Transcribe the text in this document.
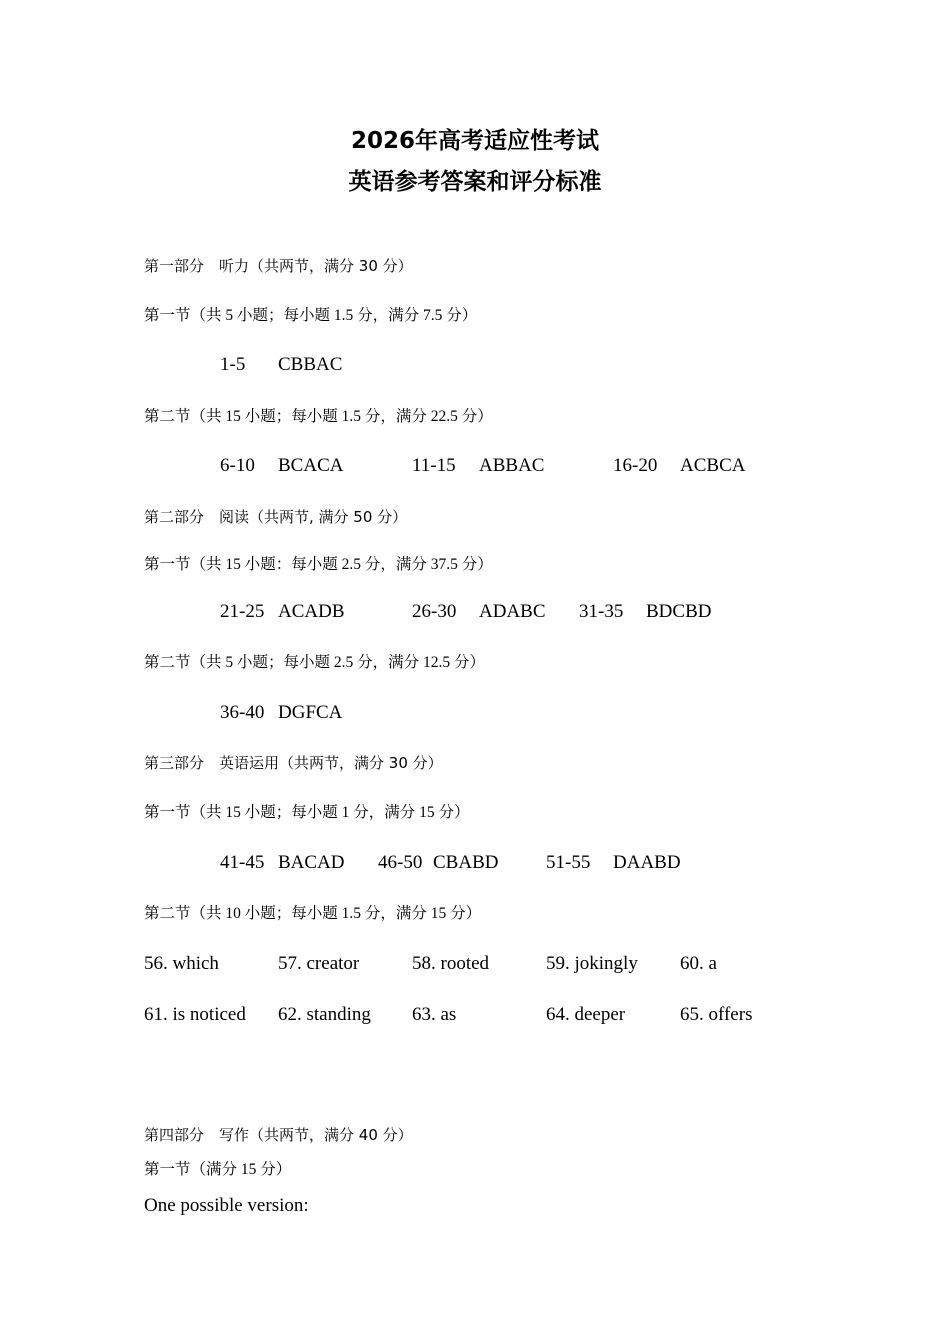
2026年高考适应性考试
英语参考答案和评分标准
第一部分　听力（共两节，满分 30 分）
第一节（共 5 小题；每小题 1.5 分，满分 7.5 分）
1-5 CBBAC
第二节（共 15 小题；每小题 1.5 分，满分 22.5 分）
6-10 BCACA	11-15 ABBAC	16-20 ACBCA
第二部分　阅读（共两节, 满分 50 分）
第一节（共 15 小题：每小题 2.5 分，满分 37.5 分）
21-25 ACADB	26-30 ADABC 31-35 BDCBD
第二节（共 5 小题；每小题 2.5 分，满分 12.5 分）
36-40 DGFCA
第三部分　英语运用（共两节，满分 30 分）
第一节（共 15 小题；每小题 1 分，满分 15 分）
41-45 BACAD 46-50 CBABD	51-55 DAABD
第二节（共 10 小题；每小题 1.5 分，满分 15 分）
56. which	57. creator	58. rooted	59. jokingly 60. a
61. is noticed 62. standing 63. as	64. deeper	65. offers
第四部分　写作（共两节，满分 40 分）
第一节（满分 15 分）
One possible version:
